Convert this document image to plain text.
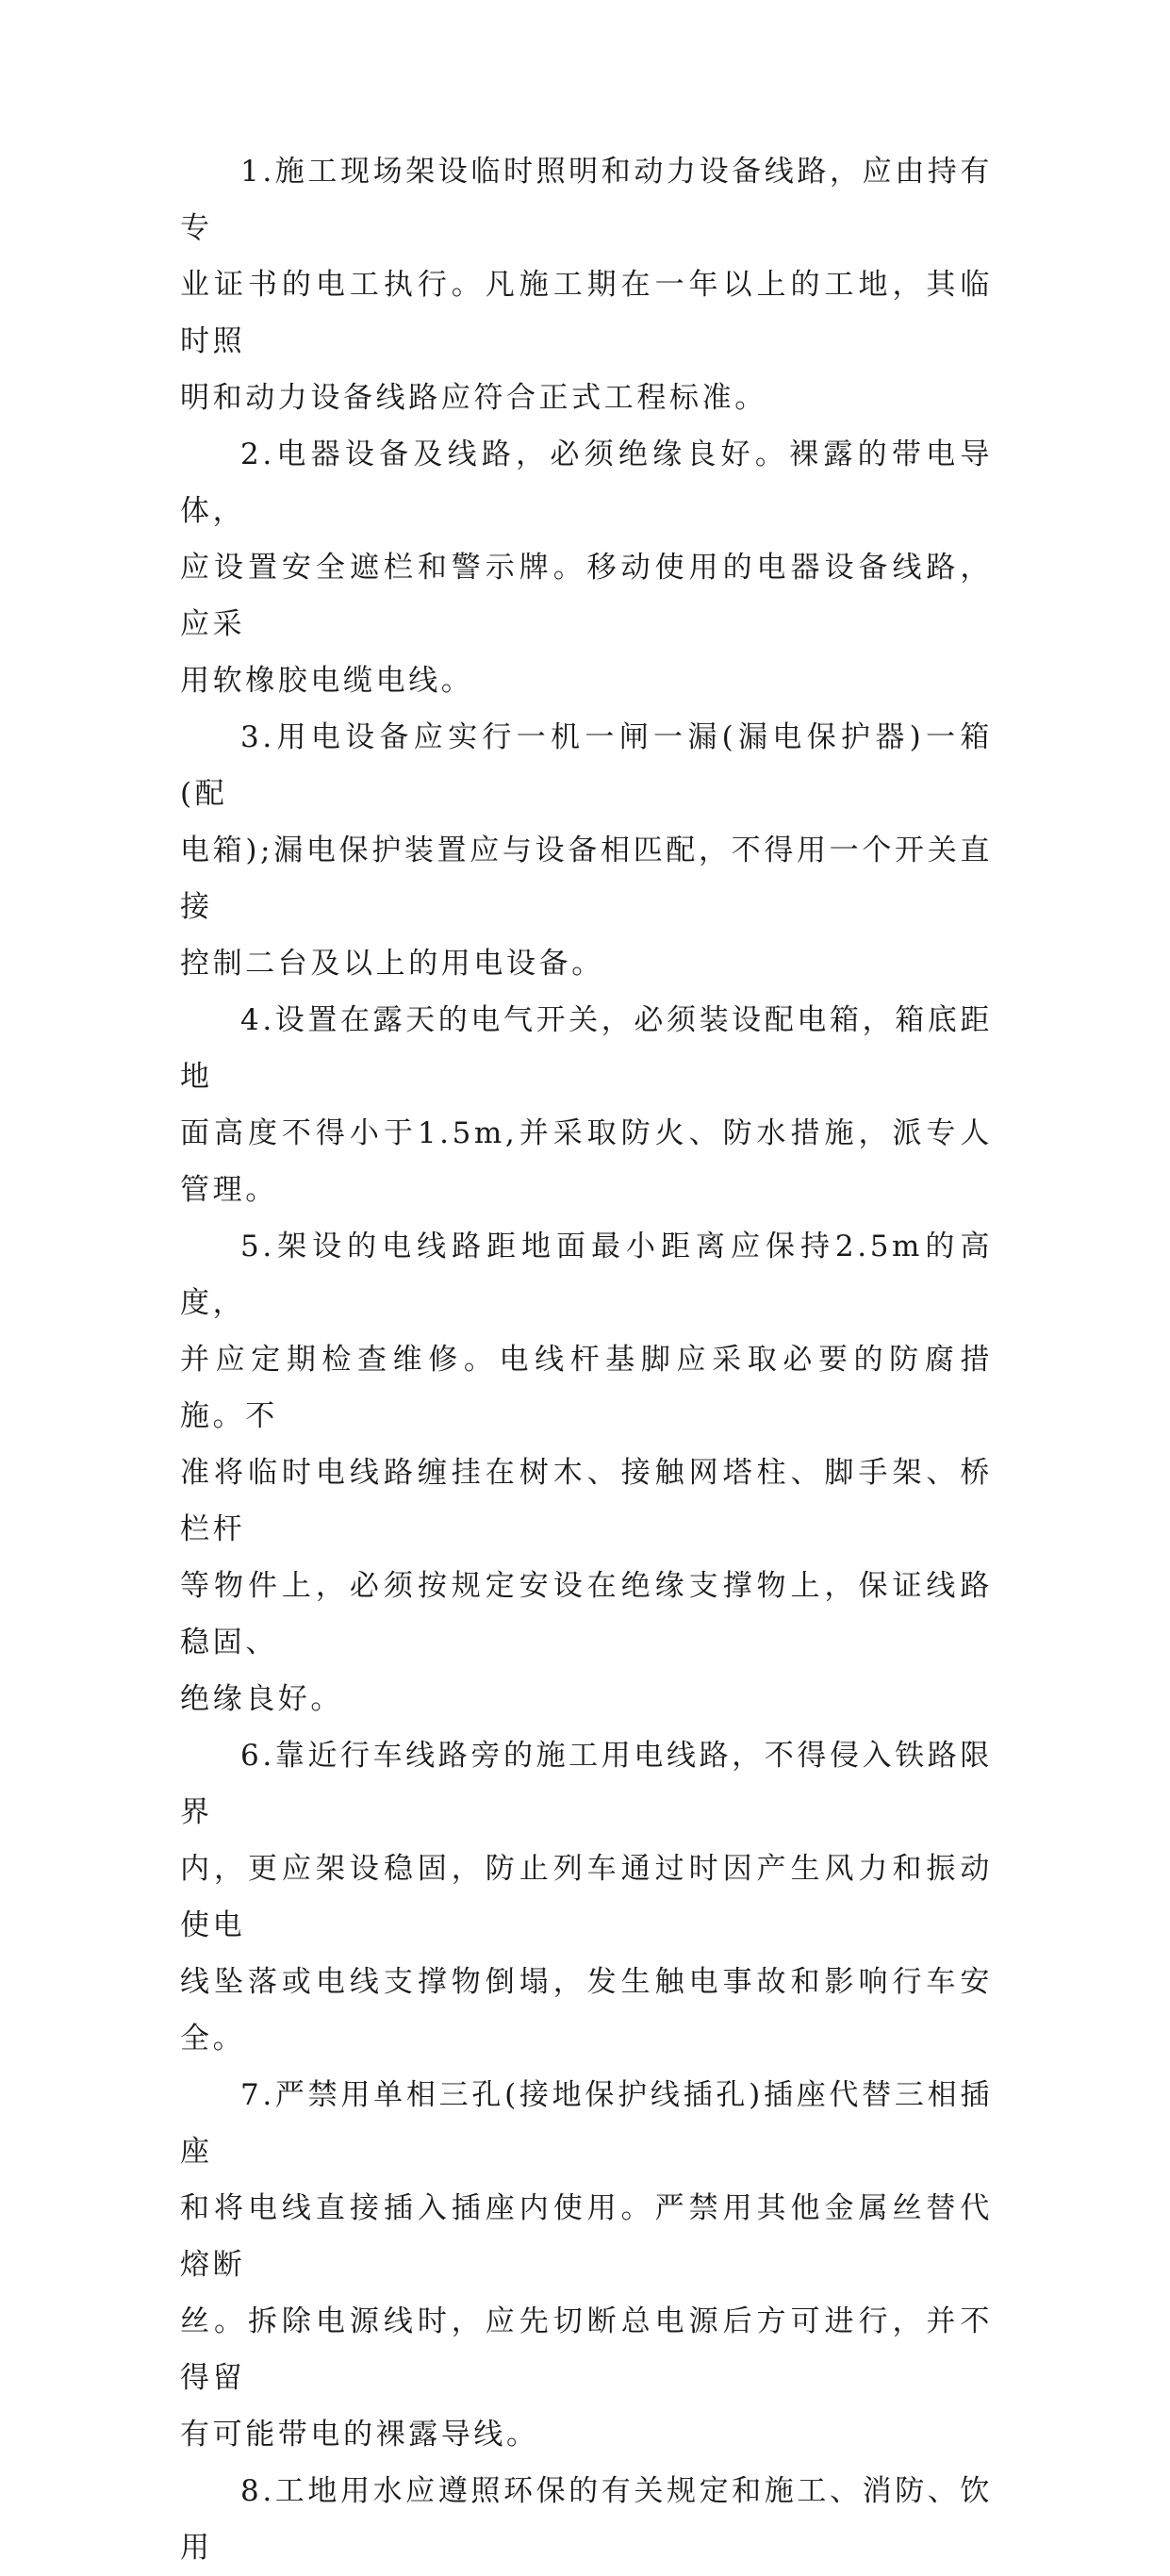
1.施工现场架设临时照明和动力设备线路，应由持有专
业证书的电工执行。凡施工期在一年以上的工地，其临时照
明和动力设备线路应符合正式工程标准。

2.电器设备及线路，必须绝缘良好。裸露的带电导体，
应设置安全遮栏和警示牌。移动使用的电器设备线路，应采
用软橡胶电缆电线。

3.用电设备应实行一机一闸一漏(漏电保护器)一箱(配
电箱);漏电保护装置应与设备相匹配，不得用一个开关直接
控制二台及以上的用电设备。

4.设置在露天的电气开关，必须装设配电箱，箱底距地
面高度不得小于1.5m,并采取防火、防水措施，派专人管理。

5.架设的电线路距地面最小距离应保持2.5m的高度，
并应定期检查维修。电线杆基脚应采取必要的防腐措施。不
准将临时电线路缠挂在树木、接触网塔柱、脚手架、桥栏杆
等物件上，必须按规定安设在绝缘支撑物上，保证线路稳固、
绝缘良好。

6.靠近行车线路旁的施工用电线路，不得侵入铁路限界
内，更应架设稳固，防止列车通过时因产生风力和振动使电
线坠落或电线支撑物倒塌，发生触电事故和影响行车安全。

7.严禁用单相三孔(接地保护线插孔)插座代替三相插座
和将电线直接插入插座内使用。严禁用其他金属丝替代熔断
丝。拆除电源线时，应先切断总电源后方可进行，并不得留
有可能带电的裸露导线。

8.工地用水应遵照环保的有关规定和施工、消防、饮用
